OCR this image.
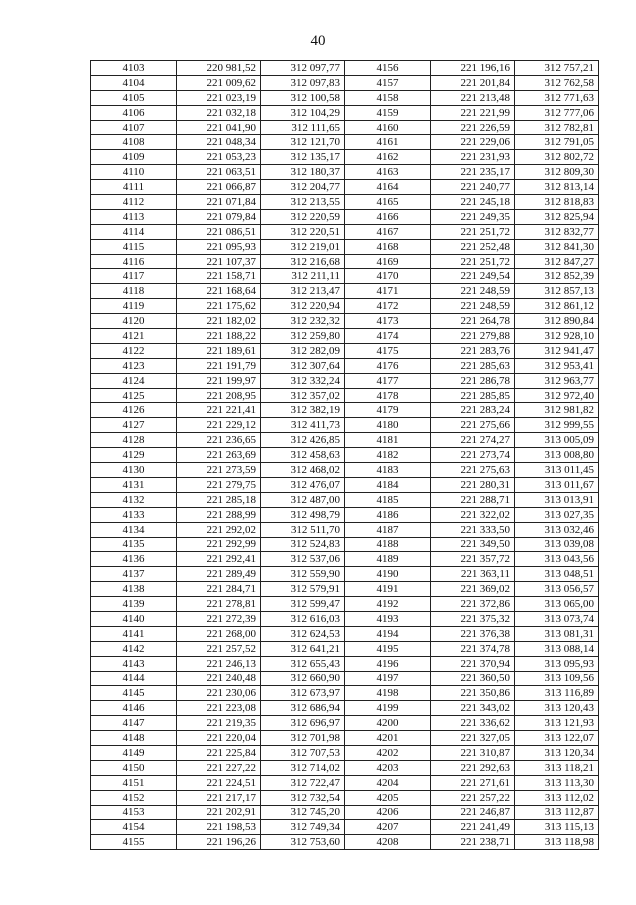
40
4103	220 981,52	312 097,77	4156	221 196,16	312 757,21
4104	221 009,62	312 097,83	4157	221 201,84	312 762,58
4105	221 023,19	312 100,58	4158	221 213,48	312 771,63
4106	221 032,18	312 104,29	4159	221 221,99	312 777,06
4107	221 041,90	312 111,65	4160	221 226,59	312 782,81
4108	221 048,34	312 121,70	4161	221 229,06	312 791,05
4109	221 053,23	312 135,17	4162	221 231,93	312 802,72
4110	221 063,51	312 180,37	4163	221 235,17	312 809,30
4111	221 066,87	312 204,77	4164	221 240,77	312 813,14
4112	221 071,84	312 213,55	4165	221 245,18	312 818,83
4113	221 079,84	312 220,59	4166	221 249,35	312 825,94
4114	221 086,51	312 220,51	4167	221 251,72	312 832,77
4115	221 095,93	312 219,01	4168	221 252,48	312 841,30
4116	221 107,37	312 216,68	4169	221 251,72	312 847,27
4117	221 158,71	312 211,11	4170	221 249,54	312 852,39
4118	221 168,64	312 213,47	4171	221 248,59	312 857,13
4119	221 175,62	312 220,94	4172	221 248,59	312 861,12
4120	221 182,02	312 232,32	4173	221 264,78	312 890,84
4121	221 188,22	312 259,80	4174	221 279,88	312 928,10
4122	221 189,61	312 282,09	4175	221 283,76	312 941,47
4123	221 191,79	312 307,64	4176	221 285,63	312 953,41
4124	221 199,97	312 332,24	4177	221 286,78	312 963,77
4125	221 208,95	312 357,02	4178	221 285,85	312 972,40
4126	221 221,41	312 382,19	4179	221 283,24	312 981,82
4127	221 229,12	312 411,73	4180	221 275,66	312 999,55
4128	221 236,65	312 426,85	4181	221 274,27	313 005,09
4129	221 263,69	312 458,63	4182	221 273,74	313 008,80
4130	221 273,59	312 468,02	4183	221 275,63	313 011,45
4131	221 279,75	312 476,07	4184	221 280,31	313 011,67
4132	221 285,18	312 487,00	4185	221 288,71	313 013,91
4133	221 288,99	312 498,79	4186	221 322,02	313 027,35
4134	221 292,02	312 511,70	4187	221 333,50	313 032,46
4135	221 292,99	312 524,83	4188	221 349,50	313 039,08
4136	221 292,41	312 537,06	4189	221 357,72	313 043,56
4137	221 289,49	312 559,90	4190	221 363,11	313 048,51
4138	221 284,71	312 579,91	4191	221 369,02	313 056,57
4139	221 278,81	312 599,47	4192	221 372,86	313 065,00
4140	221 272,39	312 616,03	4193	221 375,32	313 073,74
4141	221 268,00	312 624,53	4194	221 376,38	313 081,31
4142	221 257,52	312 641,21	4195	221 374,78	313 088,14
4143	221 246,13	312 655,43	4196	221 370,94	313 095,93
4144	221 240,48	312 660,90	4197	221 360,50	313 109,56
4145	221 230,06	312 673,97	4198	221 350,86	313 116,89
4146	221 223,08	312 686,94	4199	221 343,02	313 120,43
4147	221 219,35	312 696,97	4200	221 336,62	313 121,93
4148	221 220,04	312 701,98	4201	221 327,05	313 122,07
4149	221 225,84	312 707,53	4202	221 310,87	313 120,34
4150	221 227,22	312 714,02	4203	221 292,63	313 118,21
4151	221 224,51	312 722,47	4204	221 271,61	313 113,30
4152	221 217,17	312 732,54	4205	221 257,22	313 112,02
4153	221 202,91	312 745,20	4206	221 246,87	313 112,87
4154	221 198,53	312 749,34	4207	221 241,49	313 115,13
4155	221 196,26	312 753,60	4208	221 238,71	313 118,98
